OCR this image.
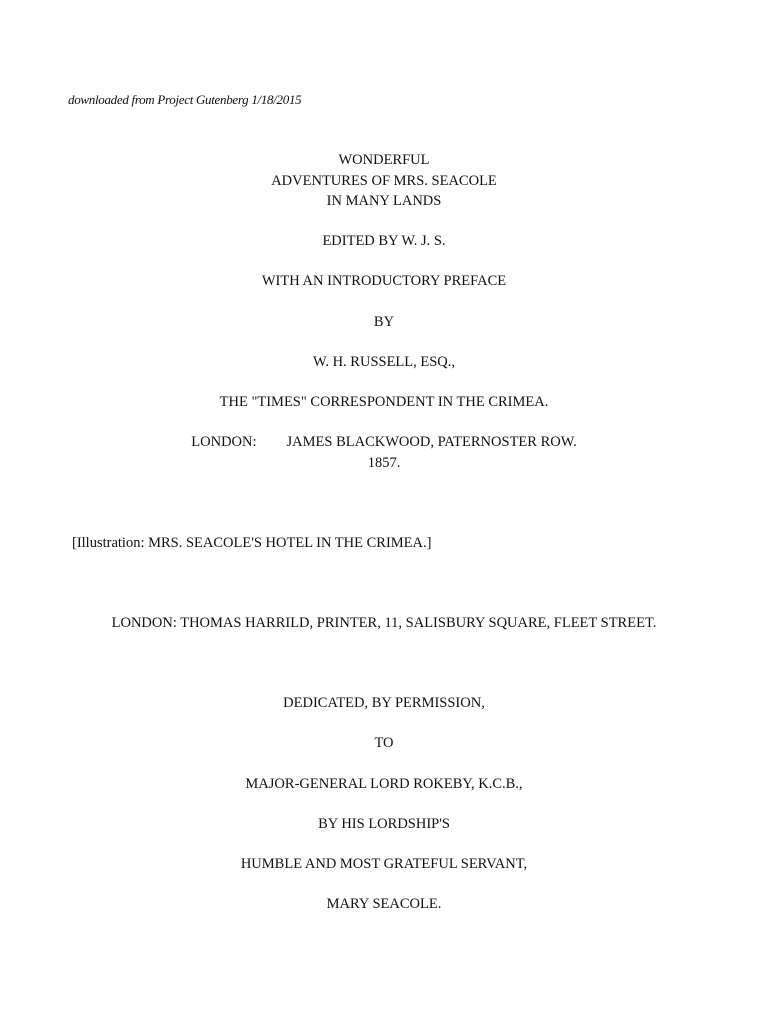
downloaded from Project Gutenberg 1/18/2015
WONDERFUL
ADVENTURES OF MRS. SEACOLE
IN MANY LANDS
EDITED BY W. J. S.
WITH AN INTRODUCTORY PREFACE
BY
W. H. RUSSELL, ESQ.,
THE "TIMES" CORRESPONDENT IN THE CRIMEA.
LONDON: JAMES BLACKWOOD, PATERNOSTER ROW.
1857.
[Illustration: MRS. SEACOLE'S HOTEL IN THE CRIMEA.]
LONDON: THOMAS HARRILD, PRINTER, 11, SALISBURY SQUARE, FLEET STREET.
DEDICATED, BY PERMISSION,
TO
MAJOR-GENERAL LORD ROKEBY, K.C.B.,
BY HIS LORDSHIP'S
HUMBLE AND MOST GRATEFUL SERVANT,
MARY SEACOLE.
